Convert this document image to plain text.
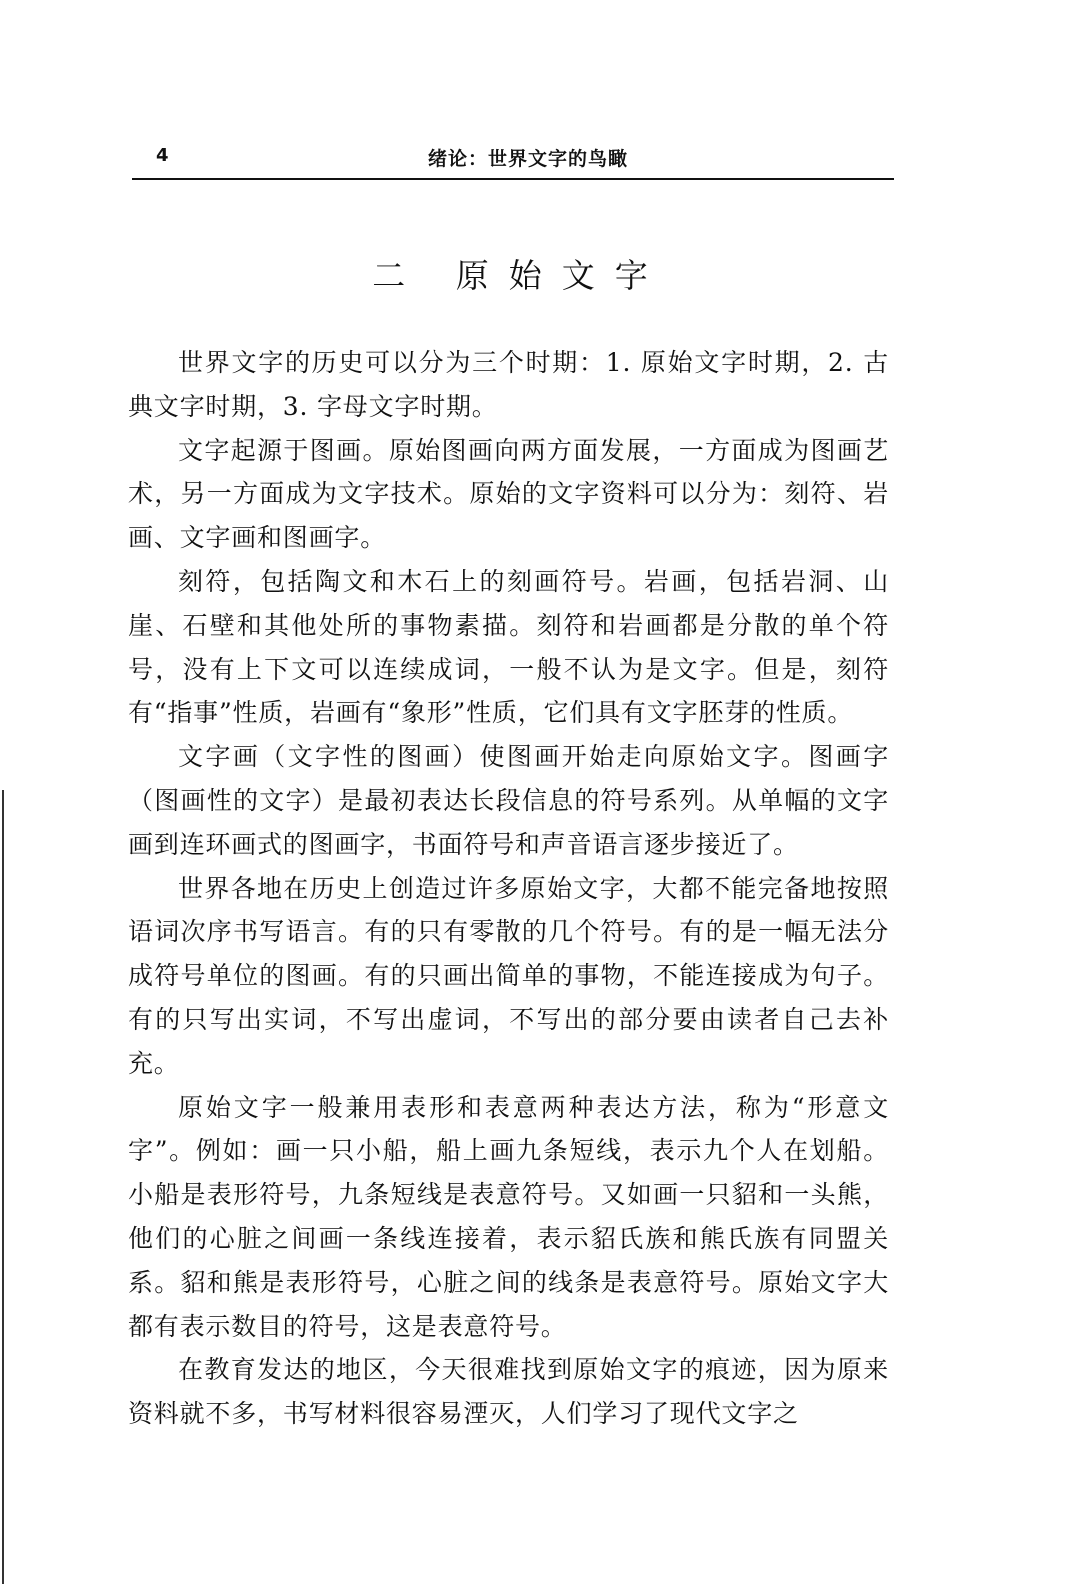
4	绪论：世界文字的鸟瞰
二 原始文字

世界文字的历史可以分为三个时期：1. 原始文字时期，2. 古典文字时期，3. 字母文字时期。

文字起源于图画。原始图画向两方面发展，一方面成为图画艺术，另一方面成为文字技术。原始的文字资料可以分为：刻符、岩画、文字画和图画字。

刻符，包括陶文和木石上的刻画符号。岩画，包括岩洞、山崖、石壁和其他处所的事物素描。刻符和岩画都是分散的单个符号，没有上下文可以连续成词，一般不认为是文字。但是，刻符有“指事”性质，岩画有“象形”性质，它们具有文字胚芽的性质。

文字画（文字性的图画）使图画开始走向原始文字。图画字（图画性的文字）是最初表达长段信息的符号系列。从单幅的文字画到连环画式的图画字，书面符号和声音语言逐步接近了。

世界各地在历史上创造过许多原始文字，大都不能完备地按照语词次序书写语言。有的只有零散的几个符号。有的是一幅无法分成符号单位的图画。有的只画出简单的事物，不能连接成为句子。有的只写出实词，不写出虚词，不写出的部分要由读者自己去补充。

原始文字一般兼用表形和表意两种表达方法，称为“形意文字”。例如：画一只小船，船上画九条短线，表示九个人在划船。小船是表形符号，九条短线是表意符号。又如画一只貂和一头熊，他们的心脏之间画一条线连接着，表示貂氏族和熊氏族有同盟关系。貂和熊是表形符号，心脏之间的线条是表意符号。原始文字大都有表示数目的符号，这是表意符号。

在教育发达的地区，今天很难找到原始文字的痕迹，因为原来资料就不多，书写材料很容易湮灭，人们学习了现代文字之
